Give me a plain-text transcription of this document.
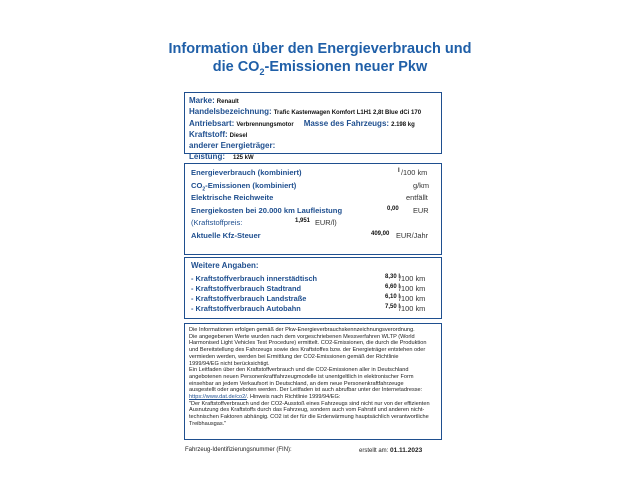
Information über den Energieverbrauch und
die $CO_2$-Emissionen neuer Pkw
Marke: Renault
Handelsbezeichnung: Trafic Kastenwagen Komfort L1H1 2,8t Blue dCi 170
Antriebsart: Verbrennungsmotor Masse des Fahrzeugs: 2.198 kg
Kraftstoff: Diesel
anderer Energieträger:
Leistung: 125 kW
Energieverbrauch (kombiniert)	l /100 km
$CO_2$-Emissionen (kombiniert)	g/km
Elektrische Reichweite	entfällt
Energiekosten bei 20.000 km Laufleistung	0,00 EUR
(Kraftstoffpreis:	1,951 EUR/l)
Aktuelle Kfz-Steuer	409,00 EUR/Jahr
Weitere Angaben:
- Kraftstoffverbrauch innerstädtisch	8,30 l
/100 km
- Kraftstoffverbrauch Stadtrand	6,60 l
/100 km
- Kraftstoffverbrauch Landstraße	6,10 l
/100 km
- Kraftstoffverbrauch Autobahn	7,50 l
/100 km
Die Informationen erfolgen gemäß der Pkw-Energieverbrauchskennzeichnungsverordnung.
Die angegebenen Werte wurden nach dem vorgeschriebenen Messverfahren WLTP (World
Harmonised Light Vehicles Test Procedure) ermittelt. CO2-Emissionen, die durch die Produktion
und Bereitstellung des Fahrzeugs sowie des Kraftstoffes bzw. der Energieträger entstehen oder
vermieden werden, werden bei Ermittlung der CO2-Emissionen gemäß der Richtlinie
1999/94/EG nicht berücksichtigt.
Ein Leitfaden über den Kraftstoffverbrauch und die CO2-Emissionen aller in Deutschland
angebotenen neuen Personenkraftfahrzeugmodelle ist unentgeltlich in elektronischer Form
einsehbar an jedem Verkaufsort in Deutschland, an dem neue Personenkraftfahrzeuge
ausgestellt oder angeboten werden. Der Leitfaden ist auch abrufbar unter der Internetadresse:
https://www.dat.de/co2/. Hinweis nach Richtlinie 1999/94/EG:
"Der Kraftstoffverbrauch und der CO2-Ausstoß eines Fahrzeugs sind nicht nur von der effizienten
Ausnutzung des Kraftstoffs durch das Fahrzeug, sondern auch vom Fahrstil und anderen nicht-
technischen Faktoren abhängig. CO2 ist der für die Erderwärmung hauptsächlich verantwortliche
Treibhausgas."
Fahrzeug-Identifizierungsnummer (FIN):	erstellt am: 01.11.2023
